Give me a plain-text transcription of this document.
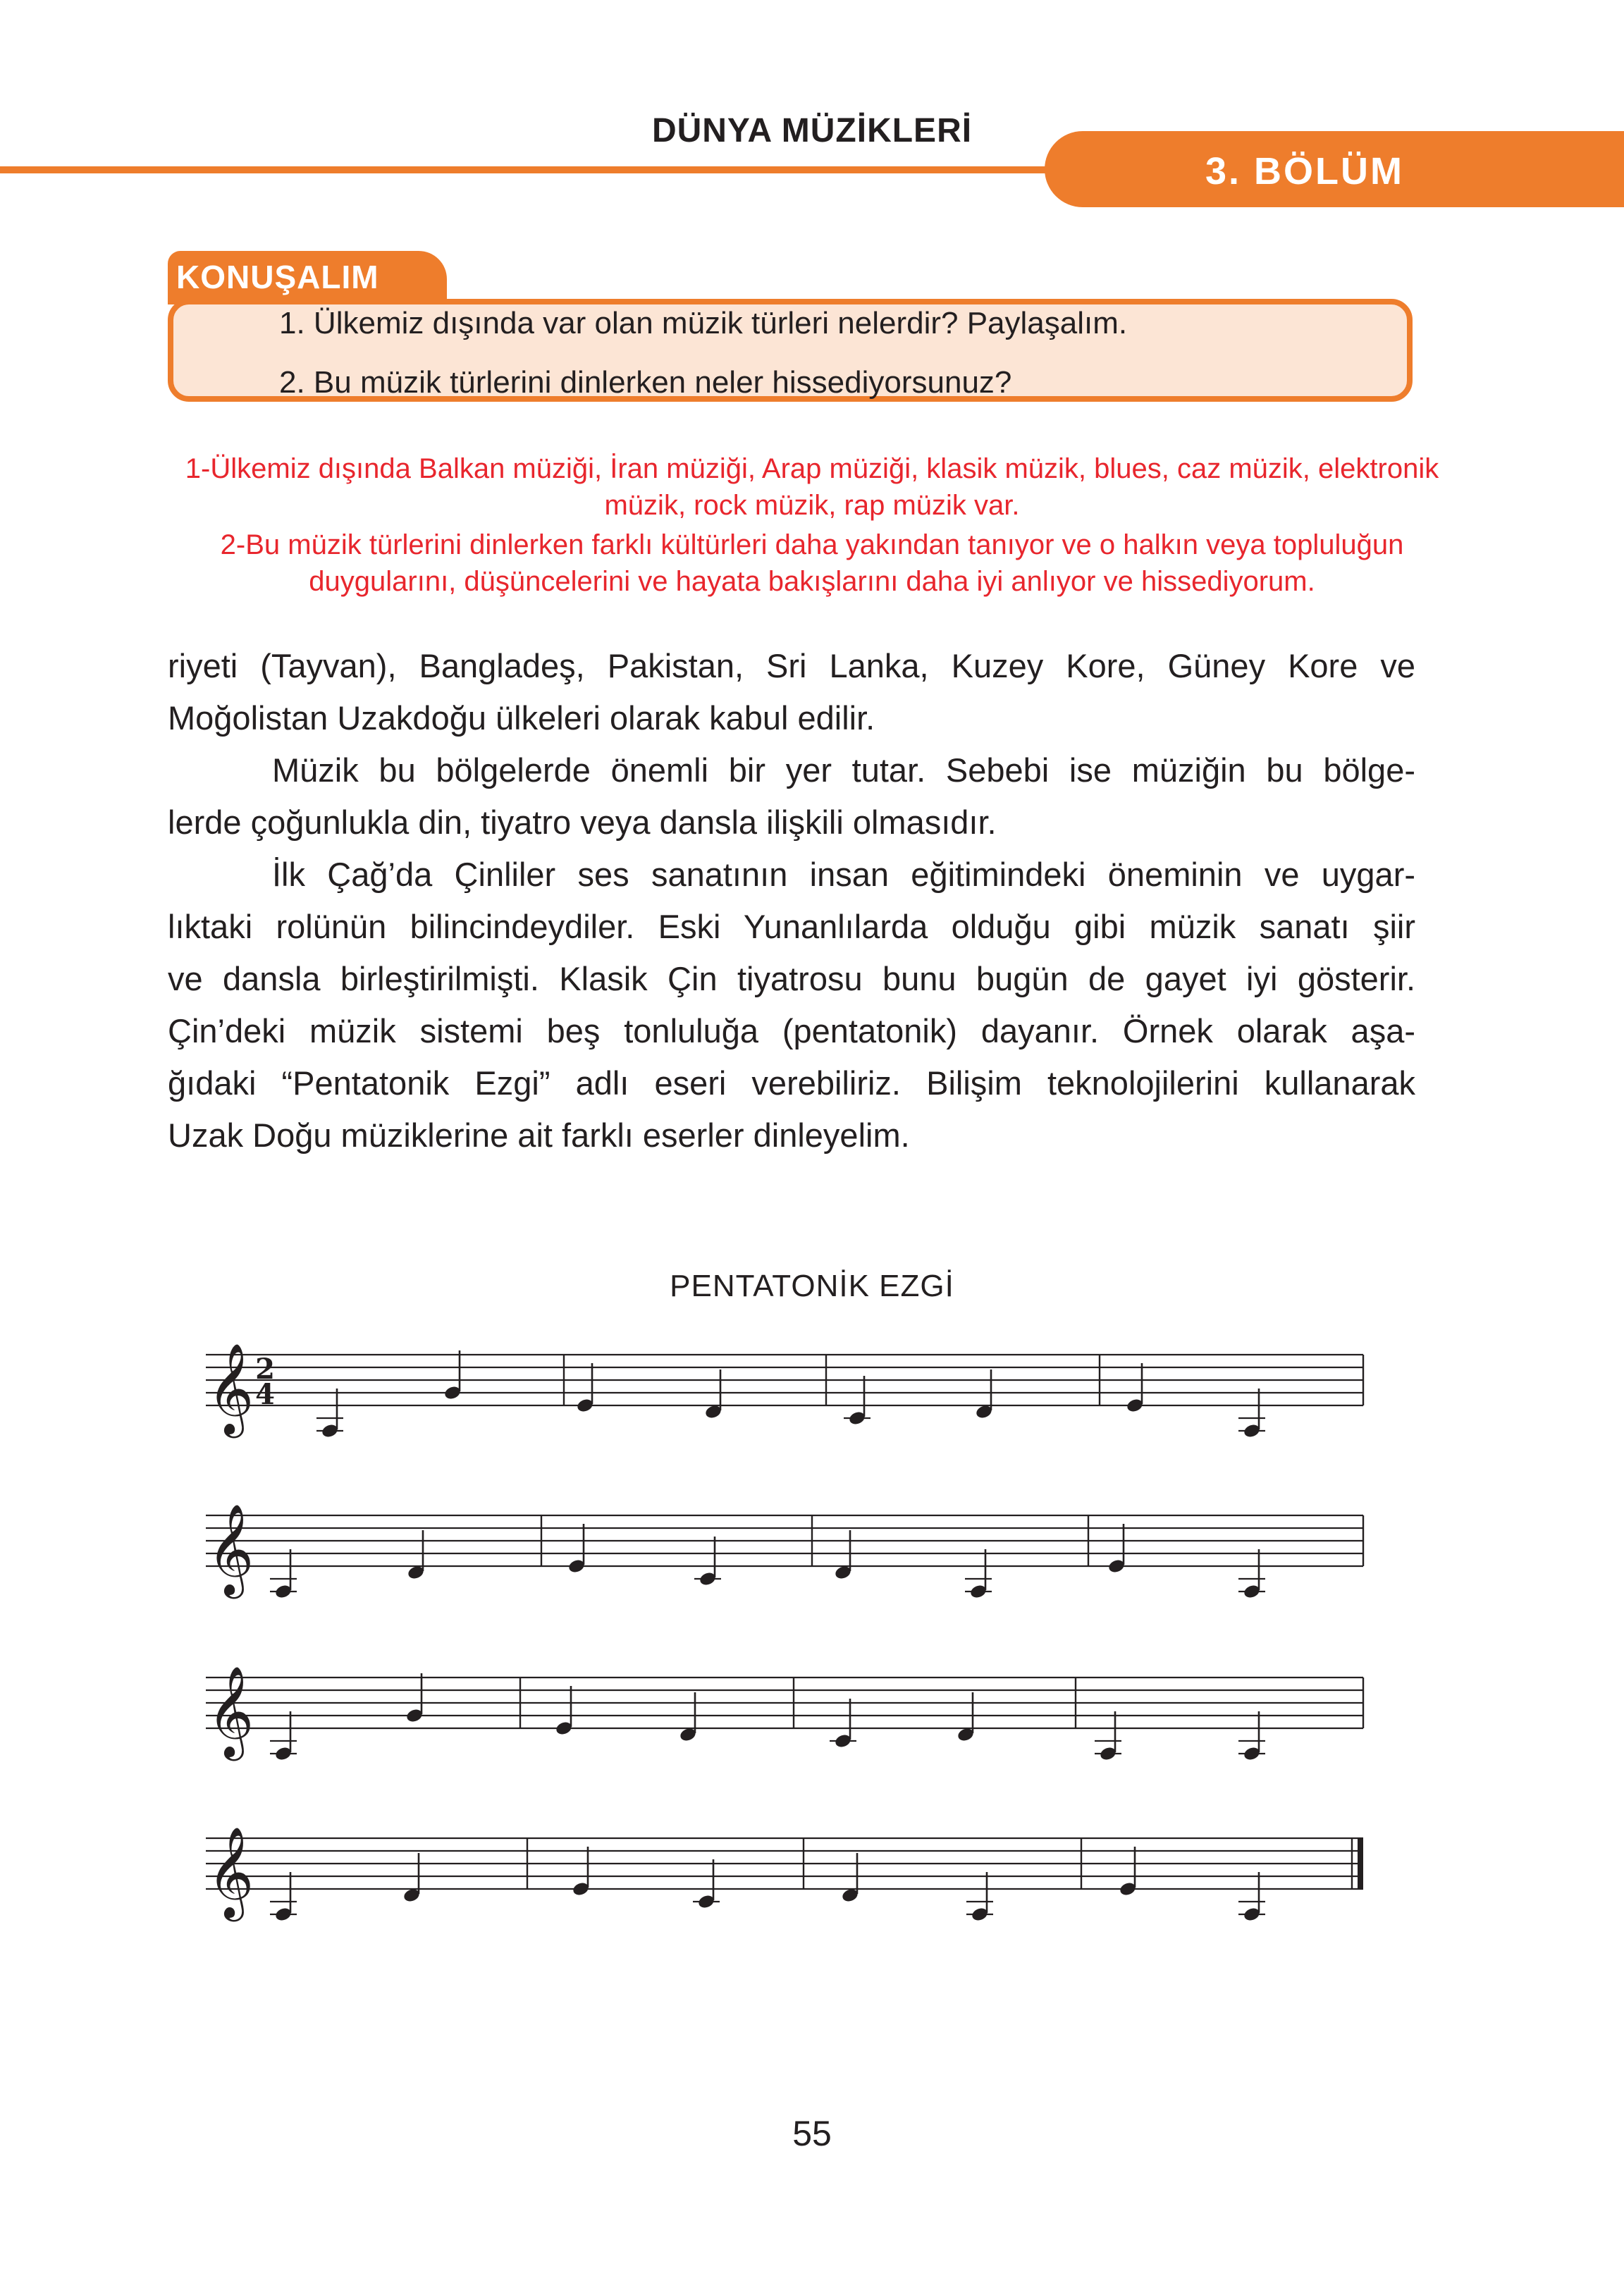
DÜNYA MÜZİKLERİ
3. BÖLÜM
KONUŞALIM
1. Ülkemiz dışında var olan müzik türleri nelerdir? Paylaşalım.
2. Bu müzik türlerini dinlerken neler hissediyorsunuz?
1-Ülkemiz dışında Balkan müziği, İran müziği, Arap müziği, klasik müzik, blues, caz müzik, elektronik
müzik, rock müzik, rap müzik var.
2-Bu müzik türlerini dinlerken farklı kültürleri daha yakından tanıyor ve o halkın veya topluluğun
duygularını, düşüncelerini ve hayata bakışlarını daha iyi anlıyor ve hissediyorum.

riyeti (Tayvan), Bangladeş, Pakistan, Sri Lanka, Kuzey Kore, Güney Kore ve

Moğolistan Uzakdoğu ülkeleri olarak kabul edilir.

Müzik bu bölgelerde önemli bir yer tutar. Sebebi ise müziğin bu bölge-

lerde çoğunlukla din, tiyatro veya dansla ilişkili olmasıdır.

İlk Çağ’da Çinliler ses sanatının insan eğitimindeki öneminin ve uygar-

lıktaki rolünün bilincindeydiler. Eski Yunanlılarda olduğu gibi müzik sanatı şiir

ve dansla birleştirilmişti. Klasik Çin tiyatrosu bunu bugün de gayet iyi gösterir.

Çin’deki müzik sistemi beş tonluluğa (pentatonik) dayanır. Örnek olarak aşa-

ğıdaki “Pentatonik Ezgi” adlı eseri verebiliriz. Bilişim teknolojilerini kullanarak

Uzak Doğu müziklerine ait farklı eserler dinleyelim.

PENTATONİK EZGİ
𝄞 2
4
𝄞
𝄞
𝄞
55
